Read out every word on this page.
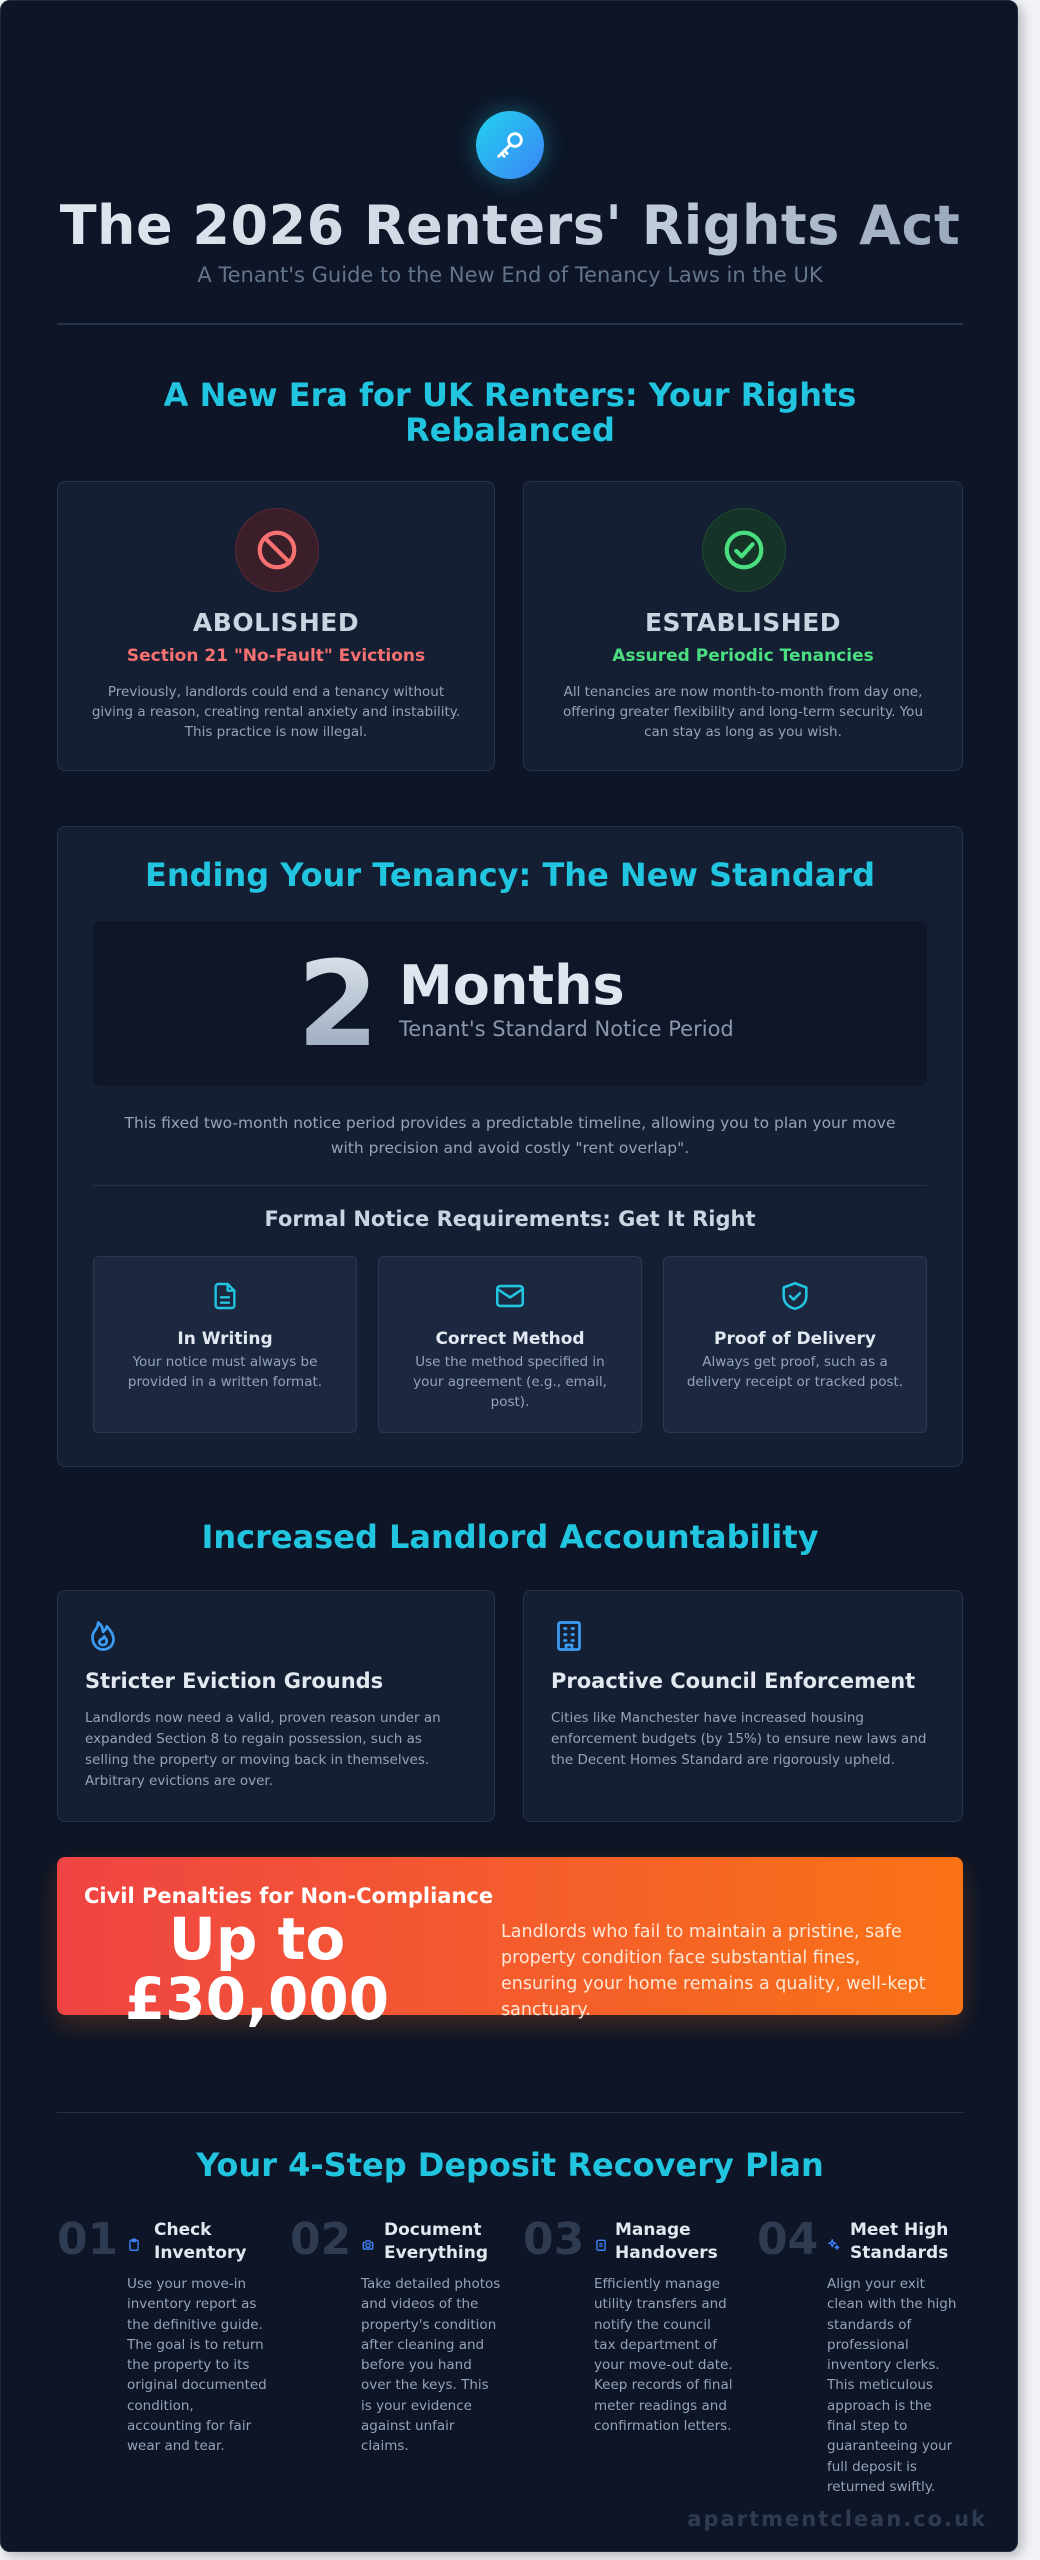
The 2026 Renters' Rights Act
A Tenant's Guide to the New End of Tenancy Laws in the UK
A New Era for UK Renters: Your Rights Rebalanced
ABOLISHED
Section 21 "No-Fault" Evictions
Previously, landlords could end a tenancy without giving a reason, creating rental anxiety and instability. This practice is now illegal.
ESTABLISHED
Assured Periodic Tenancies
All tenancies are now month-to-month from day one, offering greater flexibility and long-term security. You can stay as long as you wish.
Ending Your Tenancy: The New Standard
2 Months
Tenant's Standard Notice Period
This fixed two-month notice period provides a predictable timeline, allowing you to plan your move with precision and avoid costly "rent overlap".
Formal Notice Requirements: Get It Right
In Writing
Your notice must always be provided in a written format.
Correct Method
Use the method specified in your agreement (e.g., email, post).
Proof of Delivery
Always get proof, such as a delivery receipt or tracked post.
Increased Landlord Accountability
Stricter Eviction Grounds
Landlords now need a valid, proven reason under an expanded Section 8 to regain possession, such as selling the property or moving back in themselves. Arbitrary evictions are over.
Proactive Council Enforcement
Cities like Manchester have increased housing enforcement budgets (by 15%) to ensure new laws and the Decent Homes Standard are rigorously upheld.
Civil Penalties for Non-Compliance
Up to £30,000
Landlords who fail to maintain a pristine, safe property condition face substantial fines, ensuring your home remains a quality, well-kept sanctuary.
Your 4-Step Deposit Recovery Plan
01 Check Inventory
Use your move-in inventory report as the definitive guide. The goal is to return the property to its original documented condition, accounting for fair wear and tear.
02 Document Everything
Take detailed photos and videos of the property's condition after cleaning and before you hand over the keys. This is your evidence against unfair claims.
03 Manage Handovers
Efficiently manage utility transfers and notify the council tax department of your move-out date. Keep records of final meter readings and confirmation letters.
04 Meet High Standards
Align your exit clean with the high standards of professional inventory clerks. This meticulous approach is the final step to guaranteeing your full deposit is returned swiftly.
apartmentclean.co.uk
